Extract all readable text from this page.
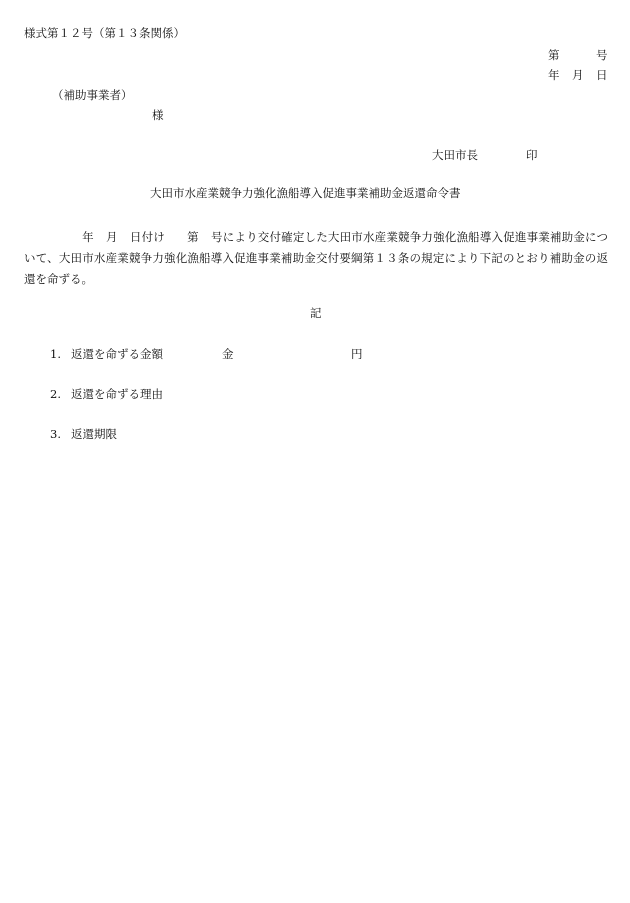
様式第１２号（第１３条関係）
第	号
年 月 日
（補助事業者）
様
大田市長	印
大田市水産業競争力強化漁船導入促進事業補助金返還命令書
年 月 日付け 第 号により交付確定した大田市水産業競争力強化漁船導入促進事業補助金について、大田市水産業競争力強化漁船導入促進事業補助金交付要綱第１３条の規定により下記のとおり補助金の返還を命ずる。
記
1. 返還を命ずる金額	金	円
2. 返還を命ずる理由
3. 返還期限
